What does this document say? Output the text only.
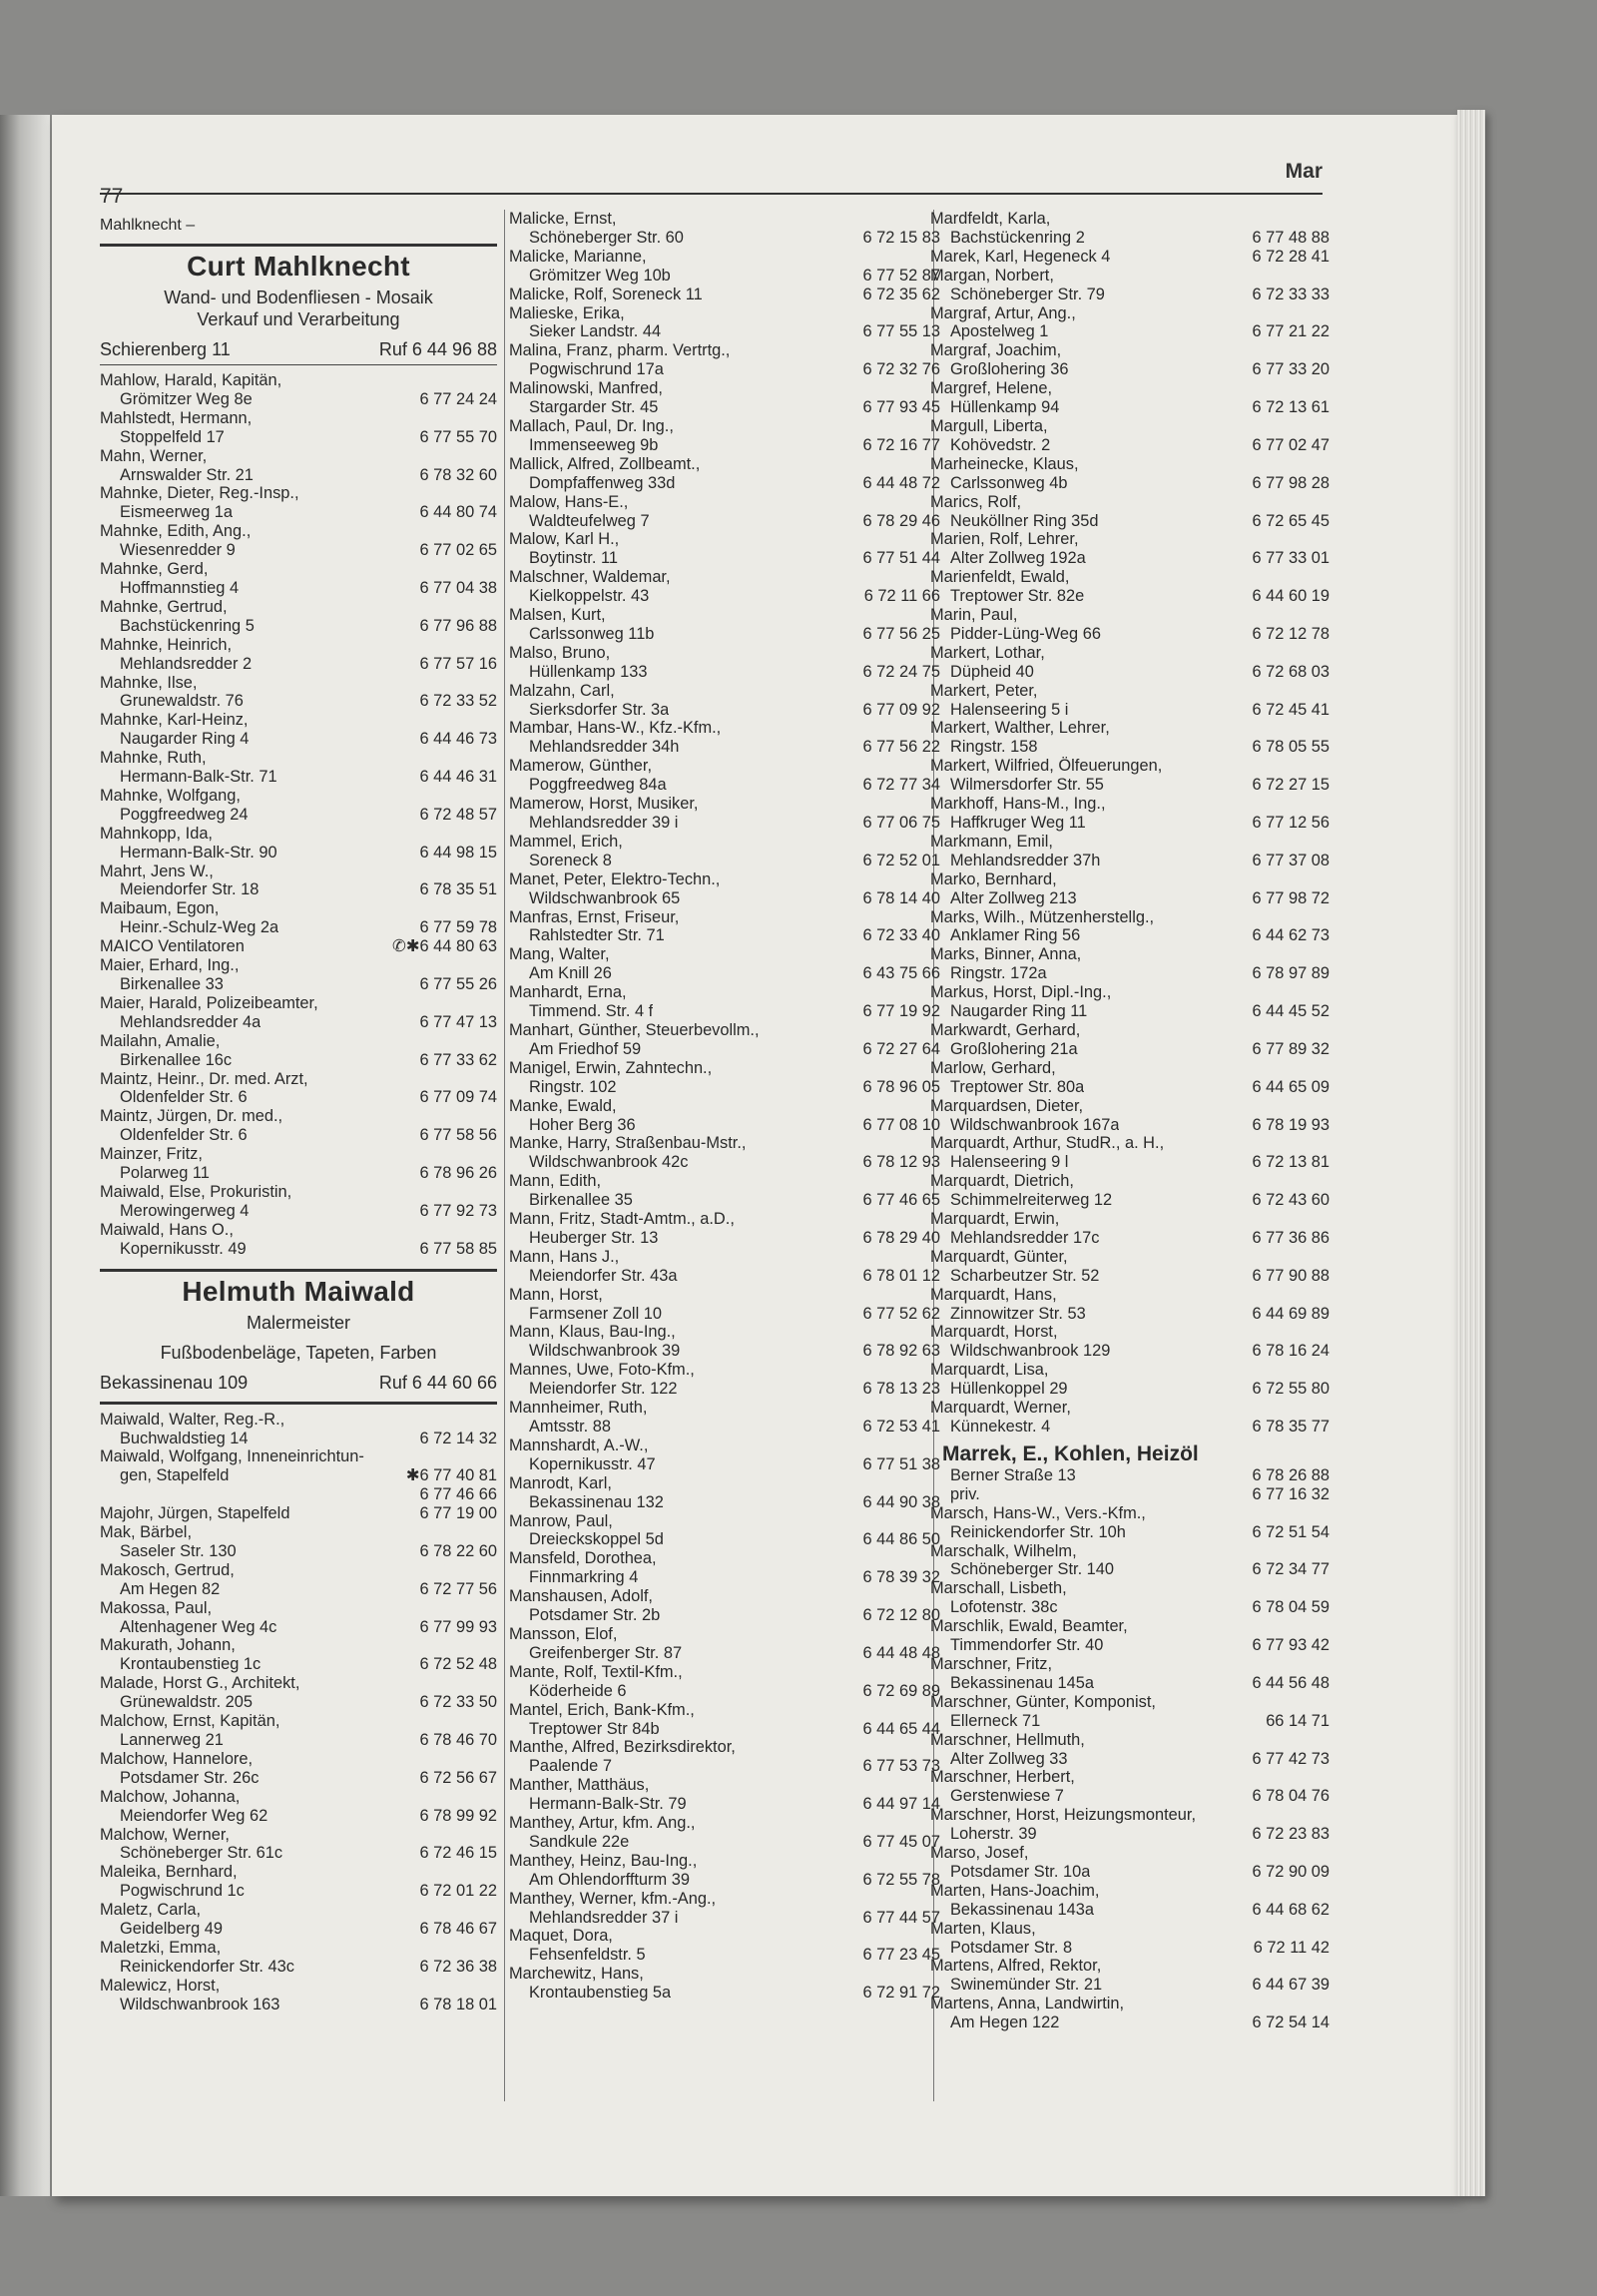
77
Mar
Mahlknecht –
Curt Mahlknecht
Wand- und Bodenfliesen - Mosaik
Verkauf und Verarbeitung
Schierenberg 11	Ruf 6 44 96 88
Mahlow, Harald, Kapitän,
Grömitzer Weg 8e	6 77 24 24
Mahlstedt, Hermann,
Stoppelfeld 17	6 77 55 70
Mahn, Werner,
Arnswalder Str. 21	6 78 32 60
Mahnke, Dieter, Reg.-Insp.,
Eismeerweg 1a	6 44 80 74
Mahnke, Edith, Ang.,
Wiesenredder 9	6 77 02 65
Mahnke, Gerd,
Hoffmannstieg 4	6 77 04 38
Mahnke, Gertrud,
Bachstückenring 5	6 77 96 88
Mahnke, Heinrich,
Mehlandsredder 2	6 77 57 16
Mahnke, Ilse,
Grunewaldstr. 76	6 72 33 52
Mahnke, Karl-Heinz,
Naugarder Ring 4	6 44 46 73
Mahnke, Ruth,
Hermann-Balk-Str. 71	6 44 46 31
Mahnke, Wolfgang,
Poggfreedweg 24	6 72 48 57
Mahnkopp, Ida,
Hermann-Balk-Str. 90	6 44 98 15
Mahrt, Jens W.,
Meiendorfer Str. 18	6 78 35 51
Maibaum, Egon,
Heinr.-Schulz-Weg 2a	6 77 59 78
MAICO Ventilatoren	✆✱6 44 80 63
Maier, Erhard, Ing.,
Birkenallee 33	6 77 55 26
Maier, Harald, Polizeibeamter,
Mehlandsredder 4a	6 77 47 13
Mailahn, Amalie,
Birkenallee 16c	6 77 33 62
Maintz, Heinr., Dr. med. Arzt,
Oldenfelder Str. 6	6 77 09 74
Maintz, Jürgen, Dr. med.,
Oldenfelder Str. 6	6 77 58 56
Mainzer, Fritz,
Polarweg 11	6 78 96 26
Maiwald, Else, Prokuristin,
Merowingerweg 4	6 77 92 73
Maiwald, Hans O.,
Kopernikusstr. 49	6 77 58 85
Helmuth Maiwald
Malermeister
Fußbodenbeläge, Tapeten, Farben
Bekassinenau 109	Ruf 6 44 60 66
Maiwald, Walter, Reg.-R.,
Buchwaldstieg 14	6 72 14 32
Maiwald, Wolfgang, Inneneinrichtun-
gen, Stapelfeld	✱6 77 40 81
6 77 46 66
Majohr, Jürgen, Stapelfeld	6 77 19 00
Mak, Bärbel,
Saseler Str. 130	6 78 22 60
Makosch, Gertrud,
Am Hegen 82	6 72 77 56
Makossa, Paul,
Altenhagener Weg 4c	6 77 99 93
Makurath, Johann,
Krontaubenstieg 1c	6 72 52 48
Malade, Horst G., Architekt,
Grünewaldstr. 205	6 72 33 50
Malchow, Ernst, Kapitän,
Lannerweg 21	6 78 46 70
Malchow, Hannelore,
Potsdamer Str. 26c	6 72 56 67
Malchow, Johanna,
Meiendorfer Weg 62	6 78 99 92
Malchow, Werner,
Schöneberger Str. 61c	6 72 46 15
Maleika, Bernhard,
Pogwischrund 1c	6 72 01 22
Maletz, Carla,
Geidelberg 49	6 78 46 67
Maletzki, Emma,
Reinickendorfer Str. 43c	6 72 36 38
Malewicz, Horst,
Wildschwanbrook 163	6 78 18 01
Malicke, Ernst,
Schöneberger Str. 60	6 72 15 83
Malicke, Marianne,
Grömitzer Weg 10b	6 77 52 87
Malicke, Rolf, Soreneck 11	6 72 35 62
Malieske, Erika,
Sieker Landstr. 44	6 77 55 13
Malina, Franz, pharm. Vertrtg.,
Pogwischrund 17a	6 72 32 76
Malinowski, Manfred,
Stargarder Str. 45	6 77 93 45
Mallach, Paul, Dr. Ing.,
Immenseeweg 9b	6 72 16 77
Mallick, Alfred, Zollbeamt.,
Dompfaffenweg 33d	6 44 48 72
Malow, Hans-E.,
Waldteufelweg 7	6 78 29 46
Malow, Karl H.,
Boytinstr. 11	6 77 51 44
Malschner, Waldemar,
Kielkoppelstr. 43	6 72 11 66
Malsen, Kurt,
Carlssonweg 11b	6 77 56 25
Malso, Bruno,
Hüllenkamp 133	6 72 24 75
Malzahn, Carl,
Sierksdorfer Str. 3a	6 77 09 92
Mambar, Hans-W., Kfz.-Kfm.,
Mehlandsredder 34h	6 77 56 22
Mamerow, Günther,
Poggfreedweg 84a	6 72 77 34
Mamerow, Horst, Musiker,
Mehlandsredder 39 i	6 77 06 75
Mammel, Erich,
Soreneck 8	6 72 52 01
Manet, Peter, Elektro-Techn.,
Wildschwanbrook 65	6 78 14 40
Manfras, Ernst, Friseur,
Rahlstedter Str. 71	6 72 33 40
Mang, Walter,
Am Knill 26	6 43 75 66
Manhardt, Erna,
Timmend. Str. 4 f	6 77 19 92
Manhart, Günther, Steuerbevollm.,
Am Friedhof 59	6 72 27 64
Manigel, Erwin, Zahntechn.,
Ringstr. 102	6 78 96 05
Manke, Ewald,
Hoher Berg 36	6 77 08 10
Manke, Harry, Straßenbau-Mstr.,
Wildschwanbrook 42c	6 78 12 93
Mann, Edith,
Birkenallee 35	6 77 46 65
Mann, Fritz, Stadt-Amtm., a.D.,
Heuberger Str. 13	6 78 29 40
Mann, Hans J.,
Meiendorfer Str. 43a	6 78 01 12
Mann, Horst,
Farmsener Zoll 10	6 77 52 62
Mann, Klaus, Bau-Ing.,
Wildschwanbrook 39	6 78 92 63
Mannes, Uwe, Foto-Kfm.,
Meiendorfer Str. 122	6 78 13 23
Mannheimer, Ruth,
Amtsstr. 88	6 72 53 41
Mannshardt, A.-W.,
Kopernikusstr. 47	6 77 51 38
Manrodt, Karl,
Bekassinenau 132	6 44 90 38
Manrow, Paul,
Dreieckskoppel 5d	6 44 86 50
Mansfeld, Dorothea,
Finnmarkring 4	6 78 39 32
Manshausen, Adolf,
Potsdamer Str. 2b	6 72 12 80
Mansson, Elof,
Greifenberger Str. 87	6 44 48 48
Mante, Rolf, Textil-Kfm.,
Köderheide 6	6 72 69 89
Mantel, Erich, Bank-Kfm.,
Treptower Str 84b	6 44 65 44
Manthe, Alfred, Bezirksdirektor,
Paalende 7	6 77 53 73
Manther, Matthäus,
Hermann-Balk-Str. 79	6 44 97 14
Manthey, Artur, kfm. Ang.,
Sandkule 22e	6 77 45 07
Manthey, Heinz, Bau-Ing.,
Am Ohlendorffturm 39	6 72 55 78
Manthey, Werner, kfm.-Ang.,
Mehlandsredder 37 i	6 77 44 57
Maquet, Dora,
Fehsenfeldstr. 5	6 77 23 45
Marchewitz, Hans,
Krontaubenstieg 5a	6 72 91 72
Mardfeldt, Karla,
Bachstückenring 2	6 77 48 88
Marek, Karl, Hegeneck 4	6 72 28 41
Margan, Norbert,
Schöneberger Str. 79	6 72 33 33
Margraf, Artur, Ang.,
Apostelweg 1	6 77 21 22
Margraf, Joachim,
Großlohering 36	6 77 33 20
Margref, Helene,
Hüllenkamp 94	6 72 13 61
Margull, Liberta,
Kohövedstr. 2	6 77 02 47
Marheinecke, Klaus,
Carlssonweg 4b	6 77 98 28
Marics, Rolf,
Neuköllner Ring 35d	6 72 65 45
Marien, Rolf, Lehrer,
Alter Zollweg 192a	6 77 33 01
Marienfeldt, Ewald,
Treptower Str. 82e	6 44 60 19
Marin, Paul,
Pidder-Lüng-Weg 66	6 72 12 78
Markert, Lothar,
Düpheid 40	6 72 68 03
Markert, Peter,
Halenseering 5 i	6 72 45 41
Markert, Walther, Lehrer,
Ringstr. 158	6 78 05 55
Markert, Wilfried, Ölfeuerungen,
Wilmersdorfer Str. 55	6 72 27 15
Markhoff, Hans-M., Ing.,
Haffkruger Weg 11	6 77 12 56
Markmann, Emil,
Mehlandsredder 37h	6 77 37 08
Marko, Bernhard,
Alter Zollweg 213	6 77 98 72
Marks, Wilh., Mützenherstellg.,
Anklamer Ring 56	6 44 62 73
Marks, Binner, Anna,
Ringstr. 172a	6 78 97 89
Markus, Horst, Dipl.-Ing.,
Naugarder Ring 11	6 44 45 52
Markwardt, Gerhard,
Großlohering 21a	6 77 89 32
Marlow, Gerhard,
Treptower Str. 80a	6 44 65 09
Marquardsen, Dieter,
Wildschwanbrook 167a	6 78 19 93
Marquardt, Arthur, StudR., a. H.,
Halenseering 9 l	6 72 13 81
Marquardt, Dietrich,
Schimmelreiterweg 12	6 72 43 60
Marquardt, Erwin,
Mehlandsredder 17c	6 77 36 86
Marquardt, Günter,
Scharbeutzer Str. 52	6 77 90 88
Marquardt, Hans,
Zinnowitzer Str. 53	6 44 69 89
Marquardt, Horst,
Wildschwanbrook 129	6 78 16 24
Marquardt, Lisa,
Hüllenkoppel 29	6 72 55 80
Marquardt, Werner,
Künnekestr. 4	6 78 35 77
Marrek, E., Kohlen, Heizöl
Berner Straße 13	6 78 26 88
priv.	6 77 16 32
Marsch, Hans-W., Vers.-Kfm.,
Reinickendorfer Str. 10h	6 72 51 54
Marschalk, Wilhelm,
Schöneberger Str. 140	6 72 34 77
Marschall, Lisbeth,
Lofotenstr. 38c	6 78 04 59
Marschlik, Ewald, Beamter,
Timmendorfer Str. 40	6 77 93 42
Marschner, Fritz,
Bekassinenau 145a	6 44 56 48
Marschner, Günter, Komponist,
Ellerneck 71	66 14 71
Marschner, Hellmuth,
Alter Zollweg 33	6 77 42 73
Marschner, Herbert,
Gerstenwiese 7	6 78 04 76
Marschner, Horst, Heizungsmonteur,
Loherstr. 39	6 72 23 83
Marso, Josef,
Potsdamer Str. 10a	6 72 90 09
Marten, Hans-Joachim,
Bekassinenau 143a	6 44 68 62
Marten, Klaus,
Potsdamer Str. 8	6 72 11 42
Martens, Alfred, Rektor,
Swinemünder Str. 21	6 44 67 39
Martens, Anna, Landwirtin,
Am Hegen 122	6 72 54 14
